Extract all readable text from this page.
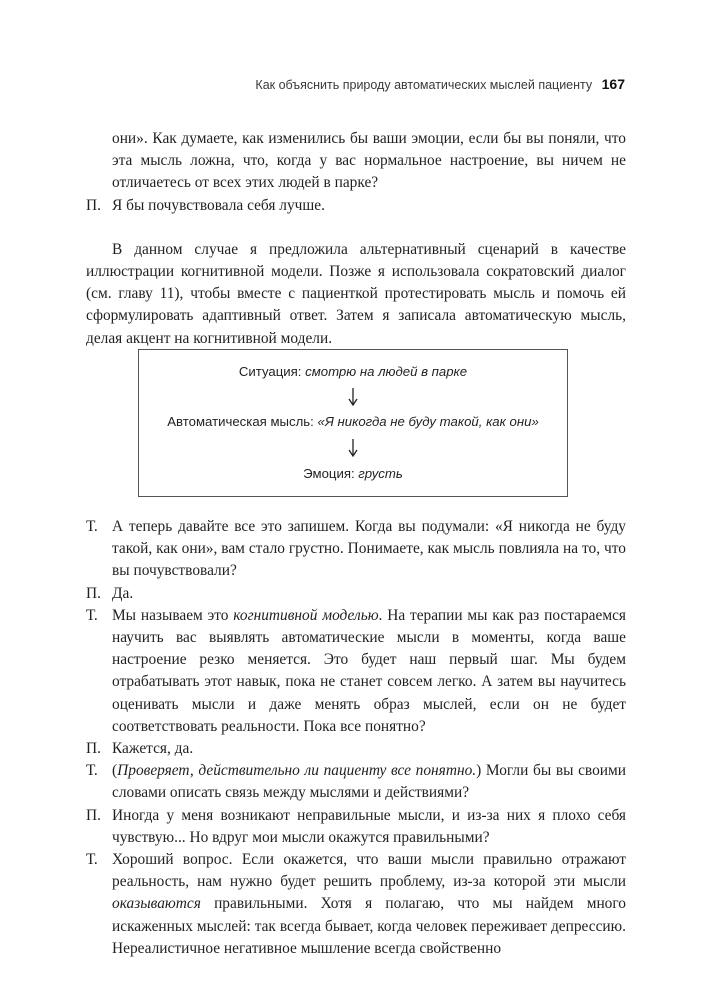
Как объяснить природу автоматических мыслей пациенту 167
они». Как думаете, как изменились бы ваши эмоции, если бы вы поняли, что эта мысль ложна, что, когда у вас нормальное настроение, вы ничем не отличаетесь от всех этих людей в парке?
П. Я бы почувствовала себя лучше.
В данном случае я предложила альтернативный сценарий в качестве иллюстрации когнитивной модели. Позже я использовала сократовский диалог (см. главу 11), чтобы вместе с пациенткой протестировать мысль и помочь ей сформулировать адаптивный ответ. Затем я записала автоматическую мысль, делая акцент на когнитивной модели.
Ситуация: смотрю на людей в парке
Автоматическая мысль: «Я никогда не буду такой, как они»
Эмоция: грусть
Т. А теперь давайте все это запишем. Когда вы подумали: «Я никогда не буду такой, как они», вам стало грустно. Понимаете, как мысль повлияла на то, что вы почувствовали?
П. Да.
Т. Мы называем это когнитивной моделью. На терапии мы как раз постараемся научить вас выявлять автоматические мысли в моменты, когда ваше настроение резко меняется. Это будет наш первый шаг. Мы будем отрабатывать этот навык, пока не станет совсем легко. А затем вы научитесь оценивать мысли и даже менять образ мыслей, если он не будет соответствовать реальности. Пока все понятно?
П. Кажется, да.
Т. (Проверяет, действительно ли пациенту все понятно.) Могли бы вы своими словами описать связь между мыслями и действиями?
П. Иногда у меня возникают неправильные мысли, и из-за них я плохо себя чувствую... Но вдруг мои мысли окажутся правильными?
Т. Хороший вопрос. Если окажется, что ваши мысли правильно отражают реальность, нам нужно будет решить проблему, из-за которой эти мысли оказываются правильными. Хотя я полагаю, что мы найдем много искаженных мыслей: так всегда бывает, когда человек переживает депрессию. Нереалистичное негативное мышление всегда свойственно
